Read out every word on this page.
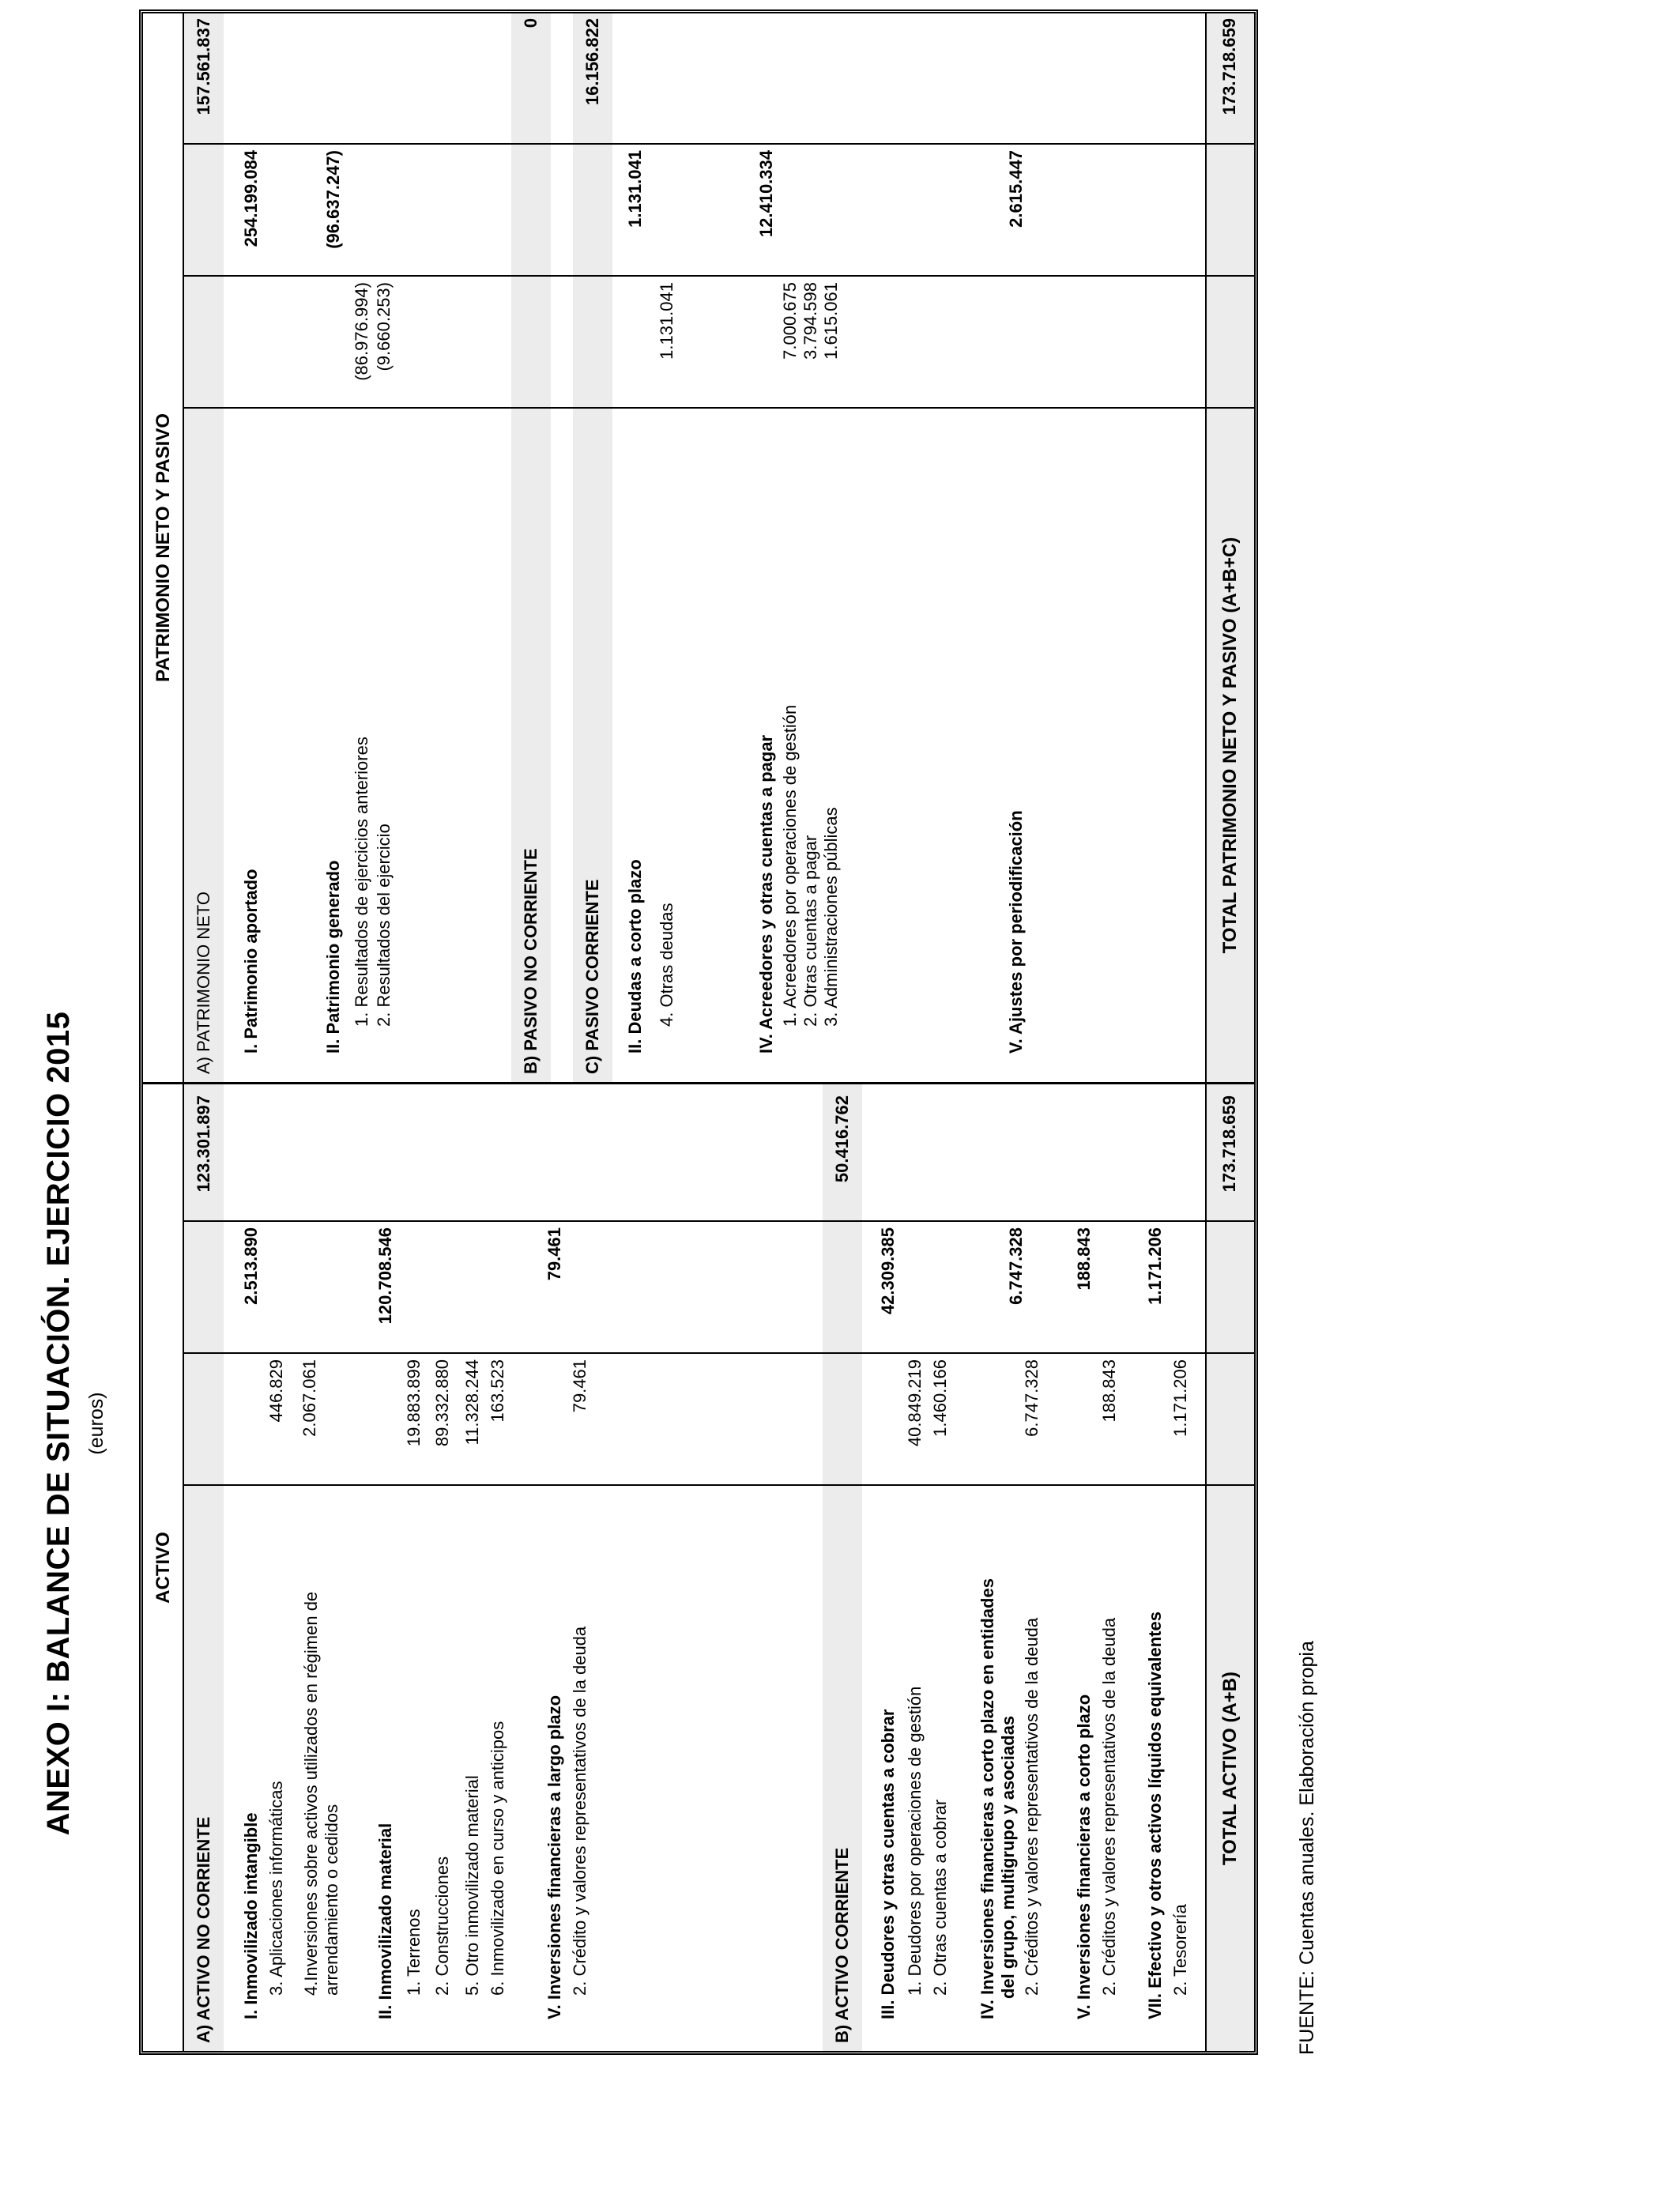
ANEXO I: BALANCE DE SITUACIÓN. EJERCICIO 2015 (euros)
ACTIVO
PATRIMONIO NETO Y PASIVO
A) ACTIVO NO CORRIENTE
123.301.897
I. Inmovilizado intangible
2.513.890
3. Aplicaciones informáticas
446.829
4.Inversiones sobre activos utilizados en régimen de arrendamiento o cedidos
2.067.061
II. Inmovilizado material
120.708.546
1. Terrenos
19.883.899
2. Construcciones
89.332.880
5. Otro inmovilizado material
11.328.244
6. Inmovilizado en curso y anticipos
163.523
V. Inversiones financieras a largo plazo
79.461
2. Crédito y valores representativos de la deuda
79.461
B) ACTIVO CORRIENTE
50.416.762
III. Deudores y otras cuentas a cobrar
42.309.385
1. Deudores por operaciones de gestión
40.849.219
2. Otras cuentas a cobrar
1.460.166
IV. Inversiones financieras a corto plazo en entidades del grupo, multigrupo y asociadas
6.747.328
2. Créditos y valores representativos de la deuda
6.747.328
V. Inversiones financieras a corto plazo
188.843
2. Créditos y valores representativos de la deuda
188.843
VII. Efectivo y otros activos líquidos equivalentes
1.171.206
2. Tesorería
1.171.206
TOTAL ACTIVO (A+B)
173.718.659
A) PATRIMONIO NETO
157.561.837
I. Patrimonio aportado
254.199.084
II. Patrimonio generado
(96.637.247)
1. Resultados de ejercicios anteriores
(86.976.994)
2. Resultados del ejercicio
(9.660.253)
B) PASIVO NO CORRIENTE
0
C) PASIVO CORRIENTE
16.156.822
II. Deudas a corto plazo
1.131.041
4. Otras deudas
1.131.041
IV. Acreedores y otras cuentas a pagar
12.410.334
1. Acreedores por operaciones de gestión
7.000.675
2. Otras cuentas a pagar
3.794.598
3. Administraciones públicas
1.615.061
V. Ajustes por periodificación
2.615.447
TOTAL PATRIMONIO NETO Y PASIVO (A+B+C)
173.718.659
FUENTE: Cuentas anuales. Elaboración propia
